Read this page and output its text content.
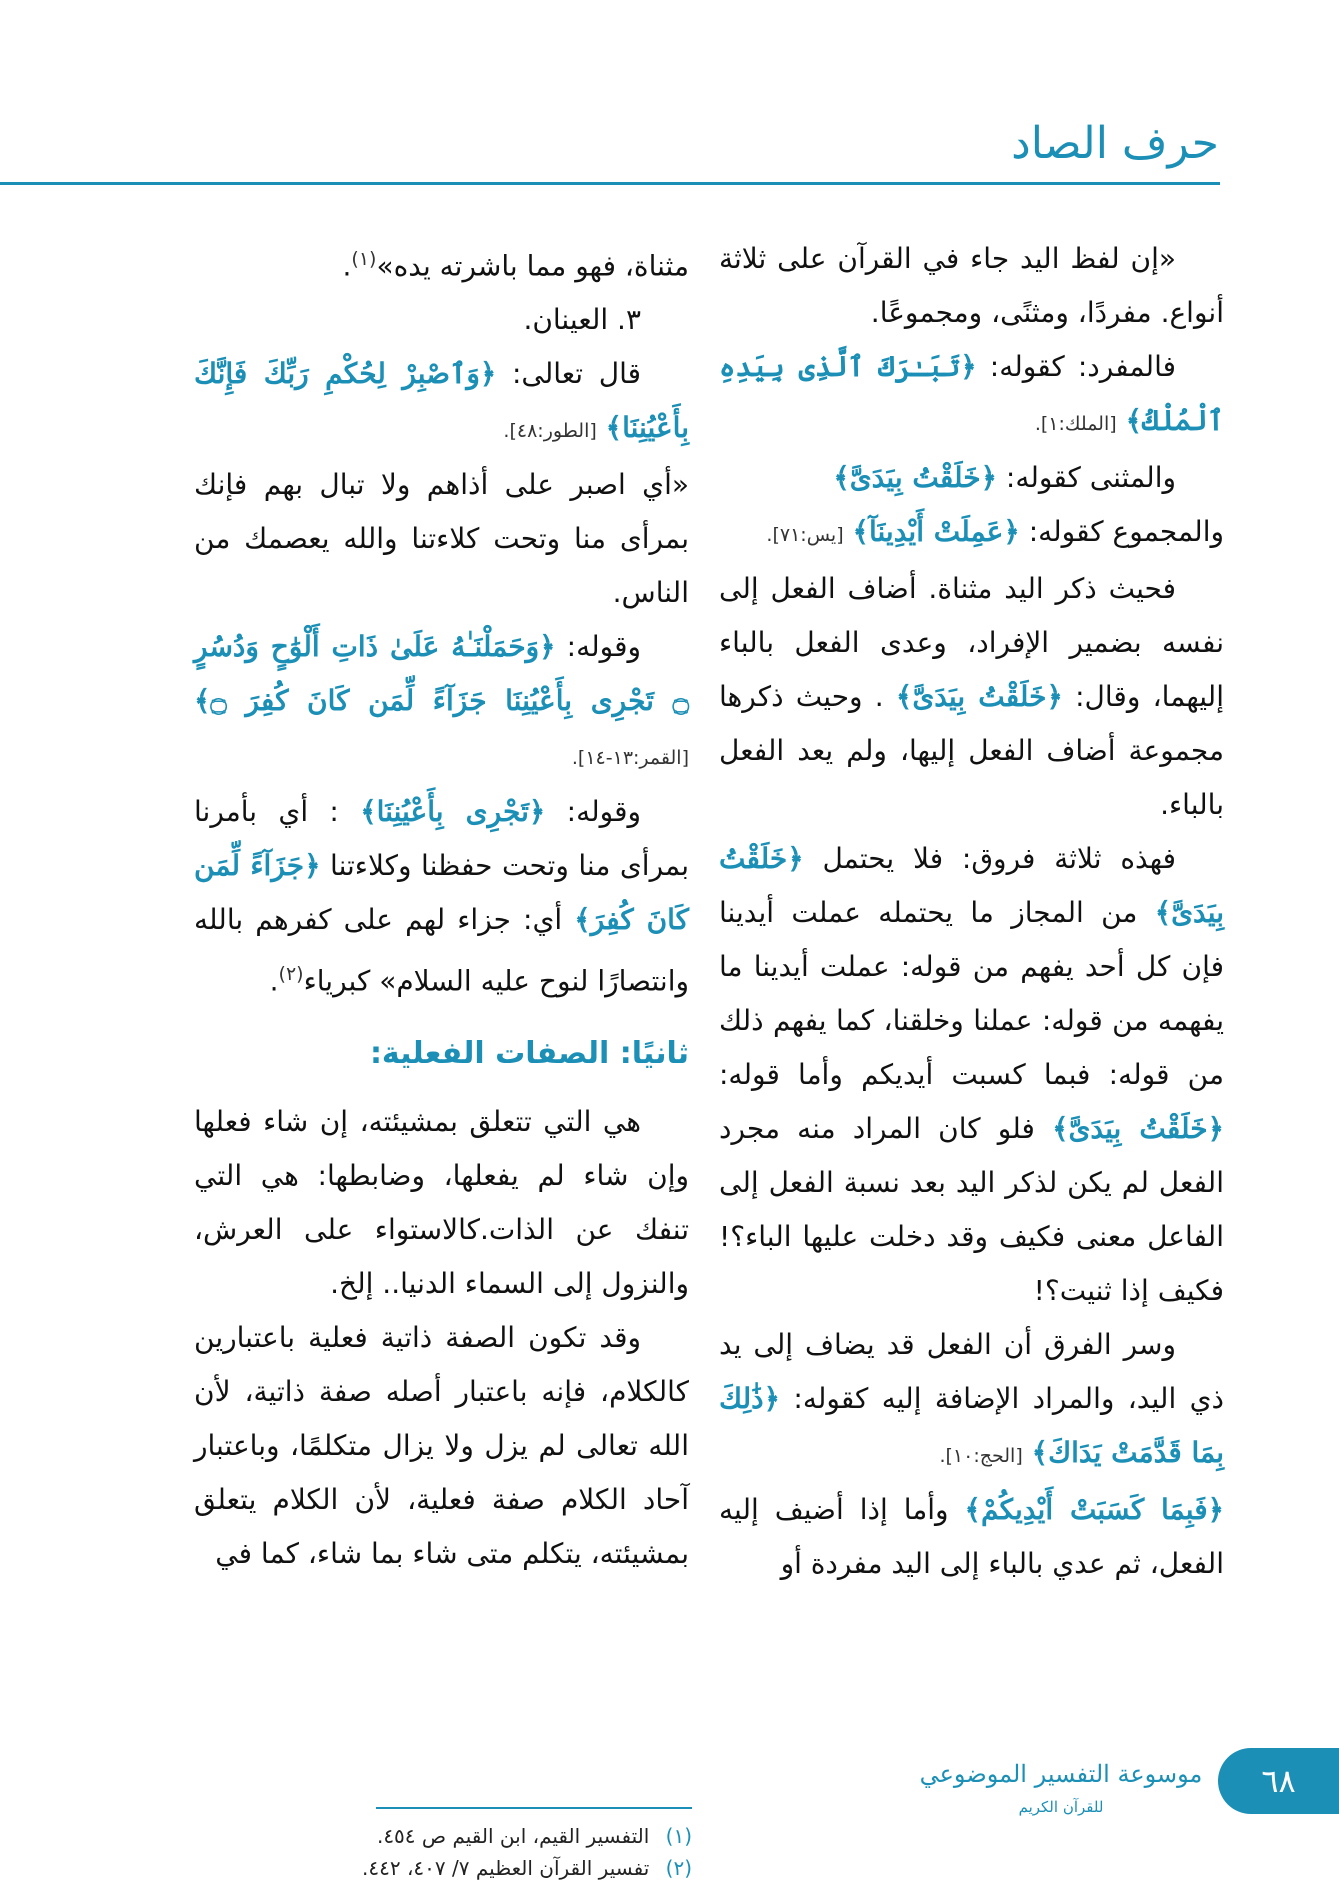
حرف الصاد

«إن لفظ اليد جاء في القرآن على ثلاثة أنواع. مفردًا، ومثنًى، ومجموعًا.

فالمفرد: كقوله: ﴿تَبَـٰرَكَ ٱلَّذِى بِيَدِهِ ٱلْمُلْكُ﴾ [الملك:١].

والمثنى كقوله: ﴿خَلَقْتُ بِيَدَىَّ﴾

والمجموع كقوله: ﴿عَمِلَتْ أَيْدِينَآ﴾ [يس:٧١].

فحيث ذكر اليد مثناة. أضاف الفعل إلى نفسه بضمير الإفراد، وعدى الفعل بالباء إليهما، وقال: ﴿خَلَقْتُ بِيَدَىَّ﴾ . وحيث ذكرها مجموعة أضاف الفعل إليها، ولم يعد الفعل بالباء.

فهذه ثلاثة فروق: فلا يحتمل ﴿خَلَقْتُ بِيَدَىَّ﴾ من المجاز ما يحتمله عملت أيدينا فإن كل أحد يفهم من قوله: عملت أيدينا ما يفهمه من قوله: عملنا وخلقنا، كما يفهم ذلك من قوله: فبما كسبت أيديكم وأما قوله: ﴿خَلَقْتُ بِيَدَىَّ﴾ فلو كان المراد منه مجرد الفعل لم يكن لذكر اليد بعد نسبة الفعل إلى الفاعل معنى فكيف وقد دخلت عليها الباء؟! فكيف إذا ثنيت؟!

وسر الفرق أن الفعل قد يضاف إلى يد ذي اليد، والمراد الإضافة إليه كقوله: ﴿ذَٰلِكَ بِمَا قَدَّمَتْ يَدَاكَ﴾ [الحج:١٠].

﴿فَبِمَا كَسَبَتْ أَيْدِيكُمْ﴾ وأما إذا أضيف إليه الفعل، ثم عدي بالباء إلى اليد مفردة أو

مثناة، فهو مما باشرته يده»$^{(١)}$.

٣. العينان.

قال تعالى: ﴿وَٱصْبِرْ لِحُكْمِ رَبِّكَ فَإِنَّكَ بِأَعْيُنِنَا﴾ [الطور:٤٨].

«أي اصبر على أذاهم ولا تبال بهم فإنك بمرأى منا وتحت كلاءتنا والله يعصمك من الناس.

وقوله: ﴿وَحَمَلْنَـٰهُ عَلَىٰ ذَاتِ أَلْوَٰحٍ وَدُسُرٍ ۝ تَجْرِى بِأَعْيُنِنَا جَزَآءً لِّمَن كَانَ كُفِرَ ۝﴾ [القمر:١٣-١٤].

وقوله: ﴿تَجْرِى بِأَعْيُنِنَا﴾ : أي بأمرنا بمرأى منا وتحت حفظنا وكلاءتنا ﴿جَزَآءً لِّمَن كَانَ كُفِرَ﴾ أي: جزاء لهم على كفرهم بالله وانتصارًا لنوح عليه السلام» كبرياء$^{(٢)}$.

ثانيًا: الصفات الفعلية:

هي التي تتعلق بمشيئته، إن شاء فعلها وإن شاء لم يفعلها، وضابطها: هي التي تنفك عن الذات.كالاستواء على العرش، والنزول إلى السماء الدنيا.. إلخ.

وقد تكون الصفة ذاتية فعلية باعتبارين كالكلام، فإنه باعتبار أصله صفة ذاتية، لأن الله تعالى لم يزل ولا يزال متكلمًا، وباعتبار آحاد الكلام صفة فعلية، لأن الكلام يتعلق بمشيئته، يتكلم متى شاء بما شاء، كما في

(١) التفسير القيم، ابن القيم ص ٤٥٤.
(٢) تفسير القرآن العظيم ٧/ ٤٠٧، ٤٤٢.
٦٨
موسوعة التفسير الموضوعي
للقرآن الكريم
